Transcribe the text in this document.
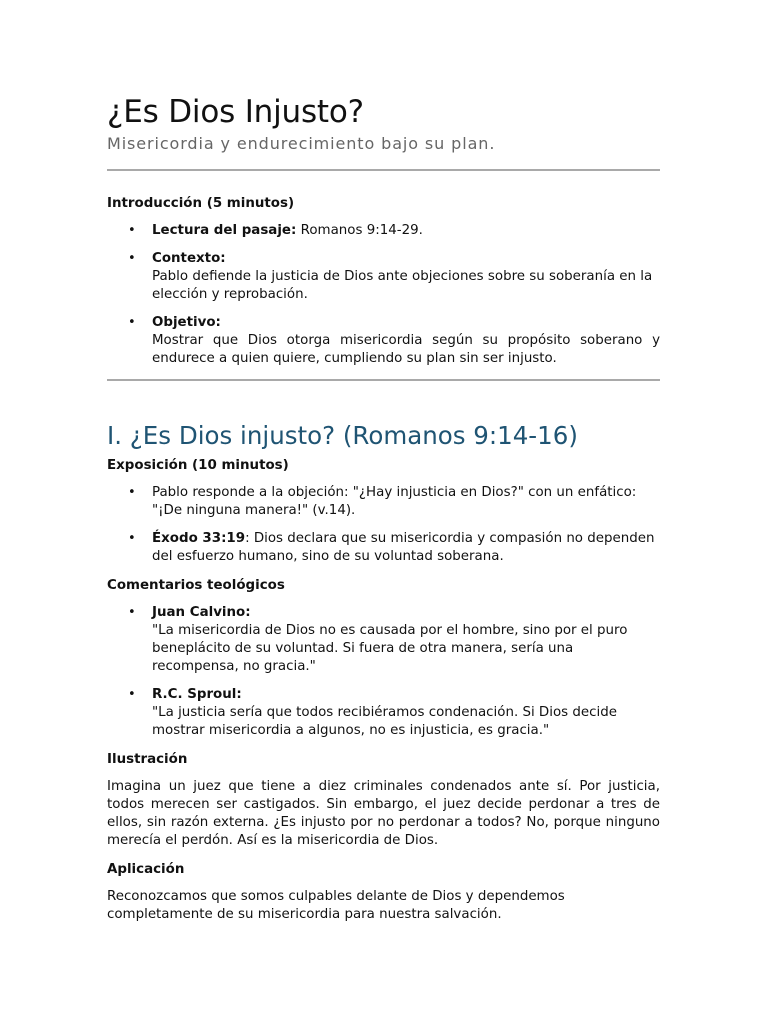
¿Es Dios Injusto?
Misericordia y endurecimiento bajo su plan.
Introducción (5 minutos)
• Lectura del pasaje: Romanos 9:14-29.
• Contexto:
Pablo defiende la justicia de Dios ante objeciones sobre su soberanía en la elección y reprobación.
• Objetivo:
Mostrar que Dios otorga misericordia según su propósito soberano y endurece a quien quiere, cumpliendo su plan sin ser injusto.
I. ¿Es Dios injusto? (Romanos 9:14-16)
Exposición (10 minutos)
• Pablo responde a la objeción: "¿Hay injusticia en Dios?" con un enfático: "¡De ninguna manera!" (v.14).
• Éxodo 33:19: Dios declara que su misericordia y compasión no dependen del esfuerzo humano, sino de su voluntad soberana.
Comentarios teológicos
• Juan Calvino:
"La misericordia de Dios no es causada por el hombre, sino por el puro beneplácito de su voluntad. Si fuera de otra manera, sería una recompensa, no gracia."
• R.C. Sproul:
"La justicia sería que todos recibiéramos condenación. Si Dios decide mostrar misericordia a algunos, no es injusticia, es gracia."
Ilustración

Imagina un juez que tiene a diez criminales condenados ante sí. Por justicia, todos merecen ser castigados. Sin embargo, el juez decide perdonar a tres de ellos, sin razón externa. ¿Es injusto por no perdonar a todos? No, porque ninguno merecía el perdón. Así es la misericordia de Dios.

Aplicación

Reconozcamos que somos culpables delante de Dios y dependemos completamente de su misericordia para nuestra salvación.
